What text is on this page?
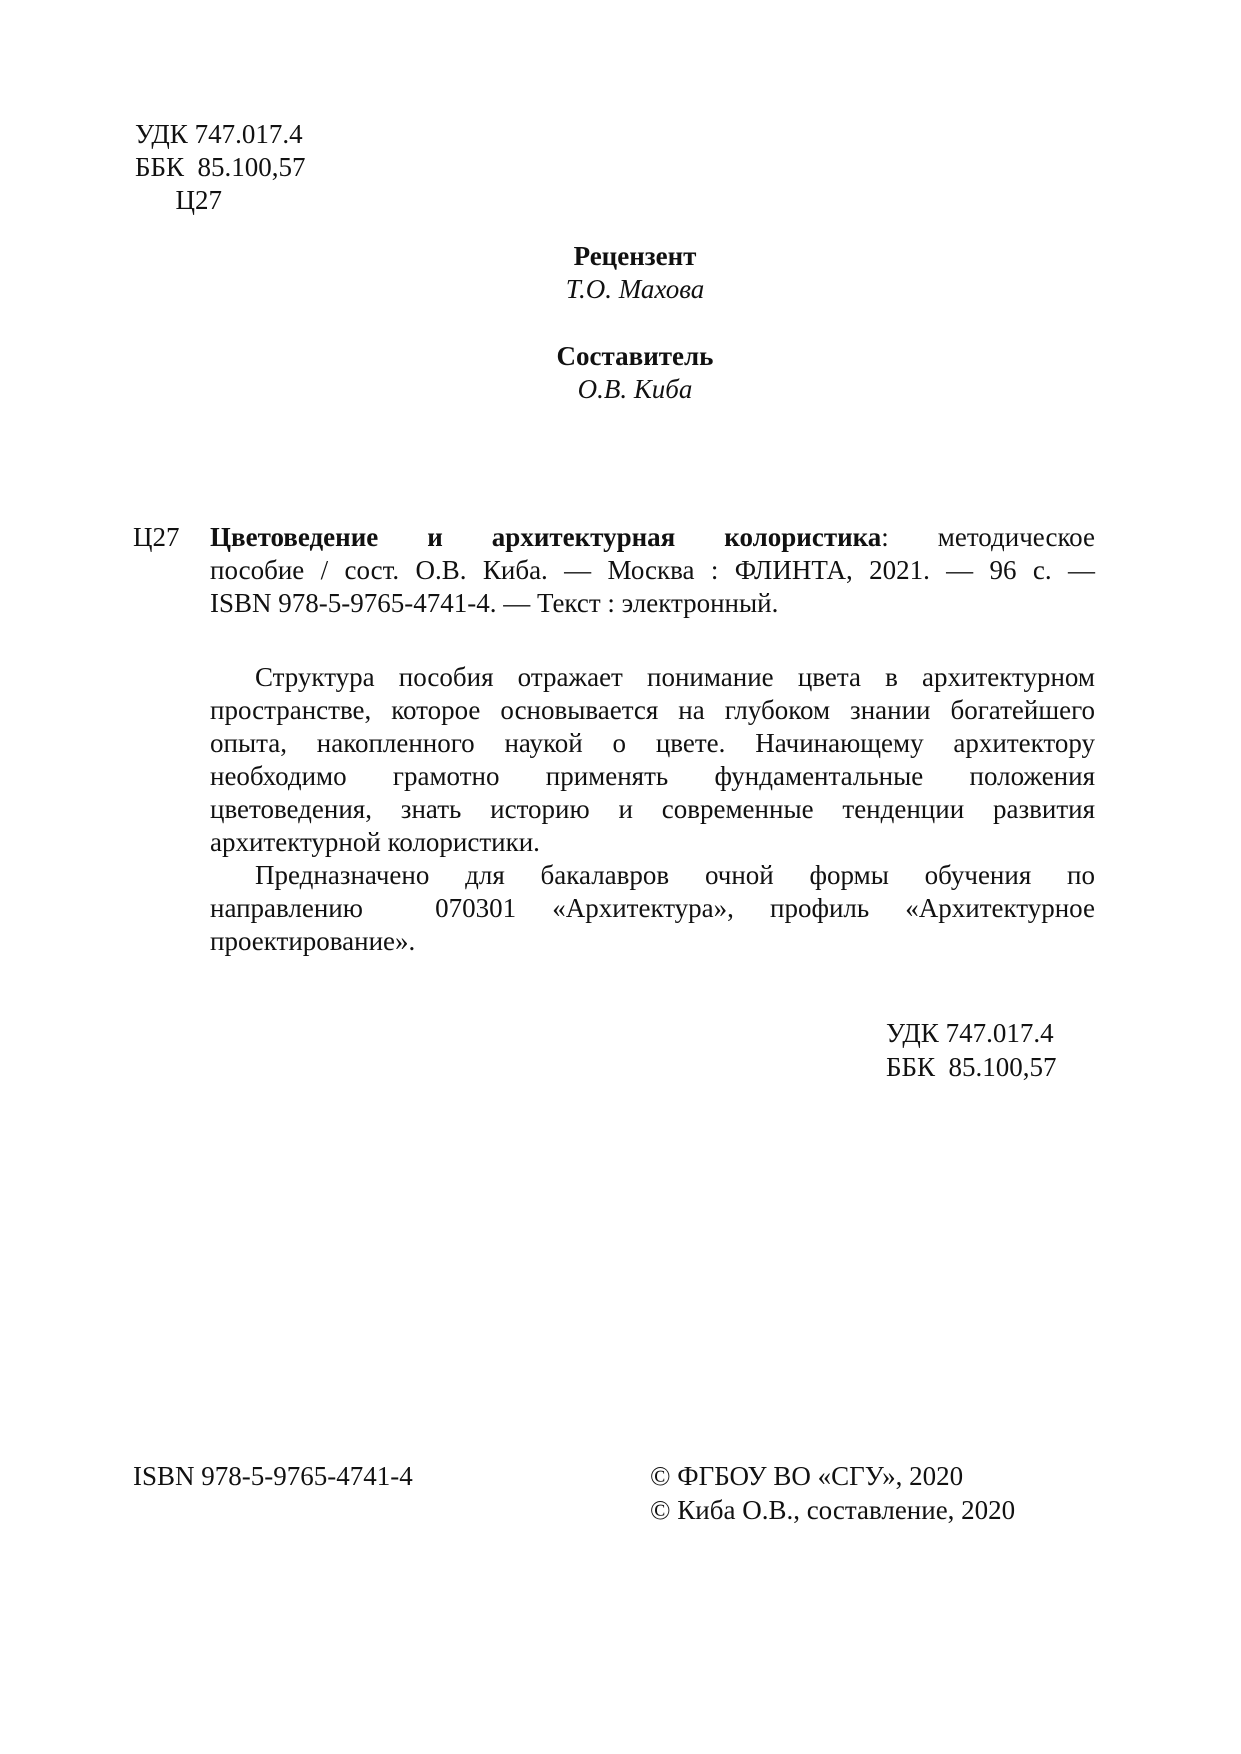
УДК 747.017.4
ББК  85.100,57
Ц27
Рецензент
Т.О. Махова
Составитель
О.В. Киба
Ц27 Цветоведение и архитектурная колористика: методическое
пособие / сост. О.В. Киба. — Москва : ФЛИНТА, 2021. — 96 с. —
ISBN 978-5-9765-4741-4. — Текст : электронный.
Структура пособия отражает понимание цвета в архитектурном
пространстве, которое основывается на глубоком знании богатейшего
опыта, накопленного наукой о цвете. Начинающему архитектору
необходимо грамотно применять фундаментальные положения
цветоведения, знать историю и современные тенденции развития
архитектурной колористики.
Предназначено для бакалавров очной формы обучения по
направлению  070301 «Архитектура», профиль «Архитектурное
проектирование».
УДК 747.017.4
ББК  85.100,57
ISBN 978-5-9765-4741-4	© ФГБОУ ВО «СГУ», 2020
© Киба О.В., составление, 2020
